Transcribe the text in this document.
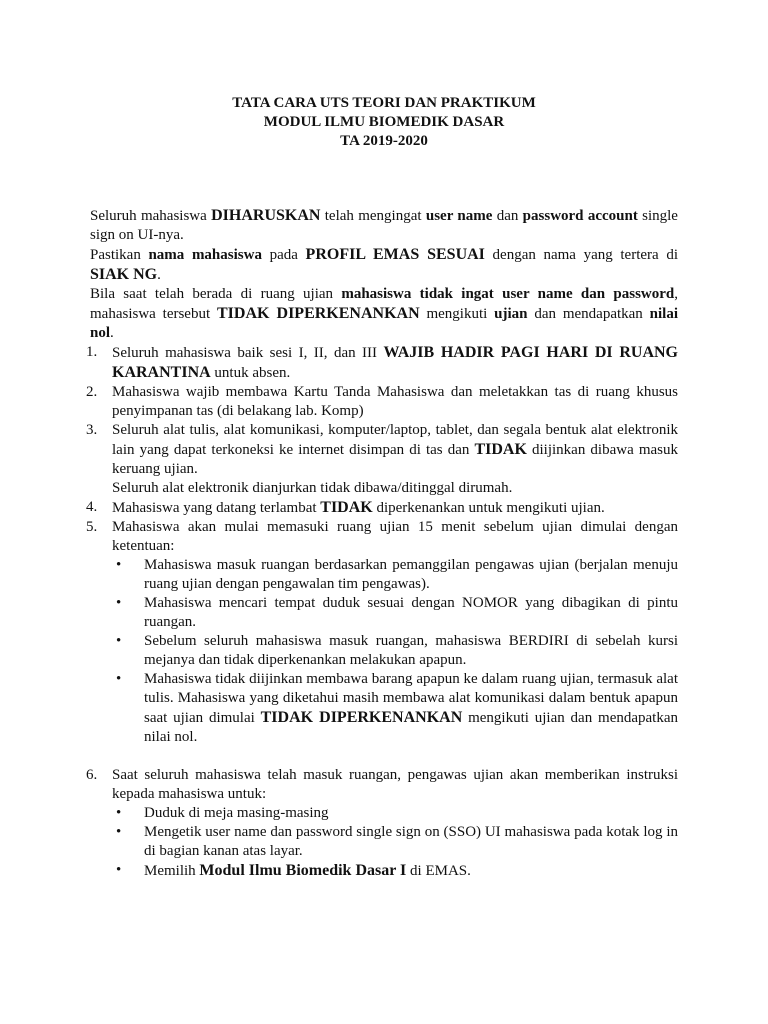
TATA CARA UTS TEORI DAN PRAKTIKUM
MODUL ILMU BIOMEDIK DASAR
TA 2019-2020

Seluruh mahasiswa DIHARUSKAN telah mengingat user name dan password account single sign on UI-nya.

Pastikan nama mahasiswa pada PROFIL EMAS SESUAI dengan nama yang tertera di SIAK NG.

Bila saat telah berada di ruang ujian mahasiswa tidak ingat user name dan password, mahasiswa tersebut TIDAK DIPERKENANKAN mengikuti ujian dan mendapatkan nilai nol.

1. Seluruh mahasiswa baik sesi I, II, dan III WAJIB HADIR PAGI HARI DI RUANG KARANTINA untuk absen.
2. Mahasiswa wajib membawa Kartu Tanda Mahasiswa dan meletakkan tas di ruang khusus penyimpanan tas (di belakang lab. Komp)
3. Seluruh alat tulis, alat komunikasi, komputer/laptop, tablet, dan segala bentuk alat elektronik lain yang dapat terkoneksi ke internet disimpan di tas dan TIDAK diijinkan dibawa masuk keruang ujian.
Seluruh alat elektronik dianjurkan tidak dibawa/ditinggal dirumah.
4. Mahasiswa yang datang terlambat TIDAK diperkenankan untuk mengikuti ujian.
5. Mahasiswa akan mulai memasuki ruang ujian 15 menit sebelum ujian dimulai dengan ketentuan:
• Mahasiswa masuk ruangan berdasarkan pemanggilan pengawas ujian (berjalan menuju ruang ujian dengan pengawalan tim pengawas).
• Mahasiswa mencari tempat duduk sesuai dengan NOMOR yang dibagikan di pintu ruangan.
• Sebelum seluruh mahasiswa masuk ruangan, mahasiswa BERDIRI di sebelah kursi mejanya dan tidak diperkenankan melakukan apapun.
• Mahasiswa tidak diijinkan membawa barang apapun ke dalam ruang ujian, termasuk alat tulis. Mahasiswa yang diketahui masih membawa alat komunikasi dalam bentuk apapun saat ujian dimulai TIDAK DIPERKENANKAN mengikuti ujian dan mendapatkan nilai nol.
6. Saat seluruh mahasiswa telah masuk ruangan, pengawas ujian akan memberikan instruksi kepada mahasiswa untuk:
• Duduk di meja masing-masing
• Mengetik user name dan password single sign on (SSO) UI mahasiswa pada kotak log in di bagian kanan atas layar.
• Memilih Modul Ilmu Biomedik Dasar I di EMAS.
